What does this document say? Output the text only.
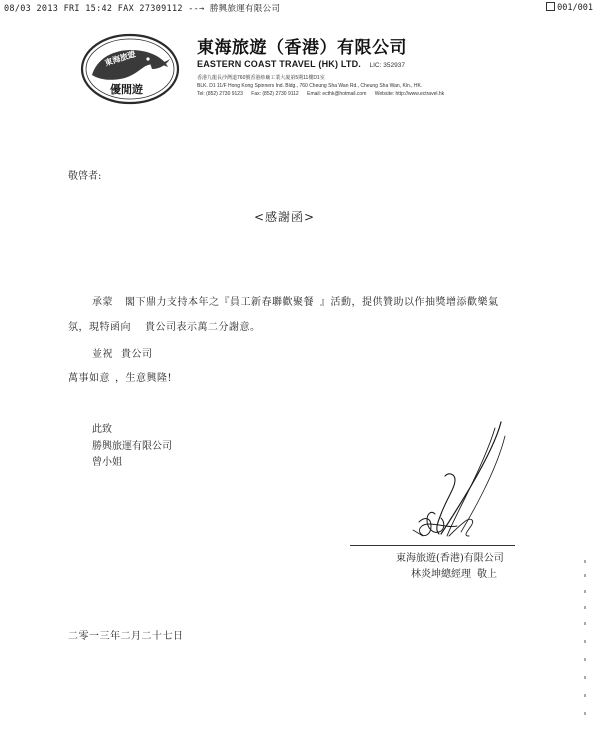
08/03 2013 FRI 15:42 FAX 27309112 --→ 勝興旅運有限公司	001/001
東海旅遊
優閒遊
東海旅遊（香港）有限公司
EASTERN COAST TRAVEL (HK) LTD. LIC: 352937
香港九龍長沙灣道760號香港紗廠工業大廈第5期11樓D1室
BLK. D1 11/F Hong Kong Spinners Ind. Bldg., 760 Cheung Sha Wan Rd., Cheung Sha Wan, Kln., HK.
Tel: (852) 2730 9123 Fax: (852) 2730 9112 Email: ecthk@hotmail.com Website: http://www.ectravel.hk
敬啓者:
<感謝函>
承蒙 閣下鼎力支持本年之『員工新春聯歡聚餐 』活動，提供贊助以作抽獎增添歡樂氣
氛，現特函向 貴公司表示萬二分謝意。
並祝 貴公司
萬事如意 ，生意興隆!
此致
勝興旅運有限公司
曾小姐
東海旅遊(香港)有限公司
林炎坤總經理 敬上
二零一三年二月二十七日
